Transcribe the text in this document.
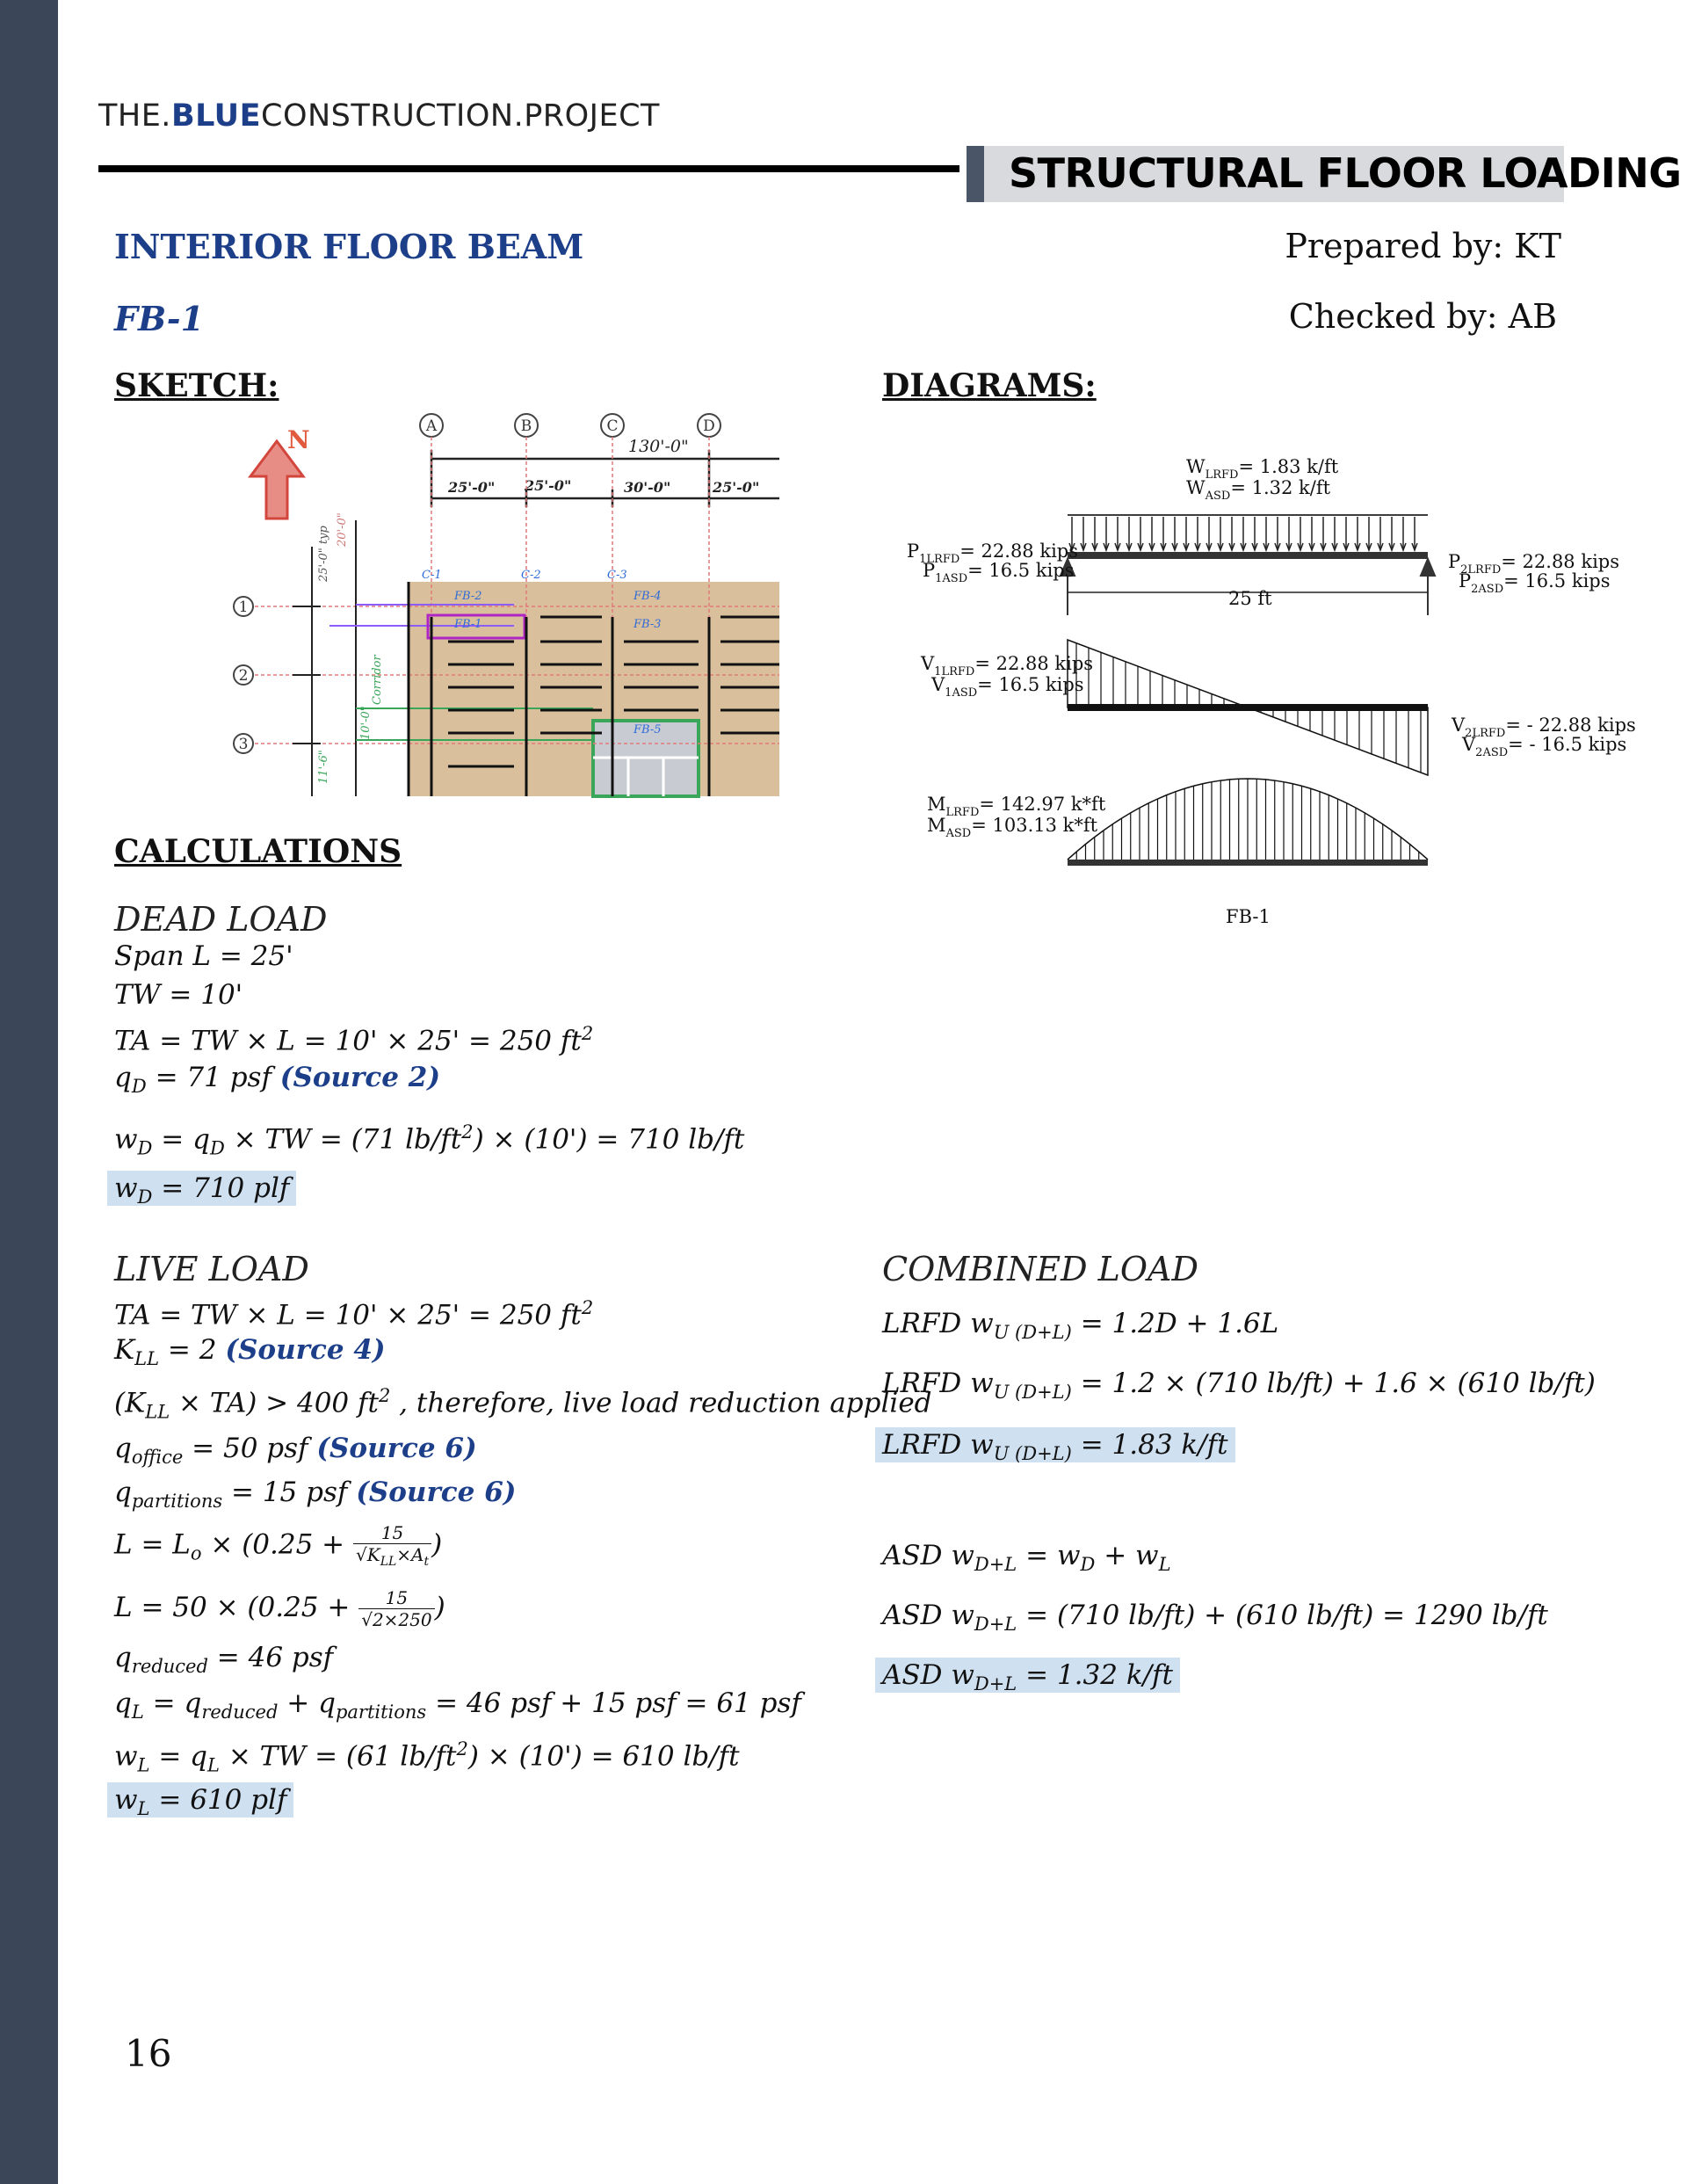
THE.BLUECONSTRUCTION.PROJECT
STRUCTURAL FLOOR LOADING
INTERIOR FLOOR BEAM
FB-1
Prepared by: KT
Checked by: AB
SKETCH:	DIAGRAMS:
N	A	B	C	D
1
2
3
130'-0"
25'-0" 25'-0"	30'-0"	25'-0"
25'-0" typ 20'-0"
10'-0"
11'-6"
Corridor
C-1	C-2	C-3
FB-1
FB-2	FB-4
FB-3
FB-5
$W_{LRFD}= 1.83$ k/ft
$W_{ASD}= 1.32$ k/ft
25 ft
$P_{1LRFD}= 22.88$ kips
$P_{1ASD}= 16.5$ kips	$P_{2LRFD}= 22.88$ kips
$P_{2ASD}= 16.5$ kips
$V_{1LRFD}= 22.88$ kips
$V_{1ASD}= 16.5$ kips
$V_{2LRFD}= - 22.88$ kips
$V_{2ASD}= - 16.5$ kips
$M_{LRFD}= 142.97$ k*ft
$M_{ASD}= 103.13$ k*ft
FB-1
CALCULATIONS
DEAD LOAD
Span L = 25'
TW = 10'
TA = TW × L = 10' × 25' = 250 $ft^2$
$q_D = 71$ psf (Source 2)
$w_D = q_D$ × TW = (71 $lb/ft^2) \times (10') = 710$ lb/ft
$w_D = 710$ plf
LIVE LOAD
TA = TW × L = 10' × 25' = 250 $ft^2$
$K_{LL} = 2$ (Source 4)
$(K_{LL} \times TA) > 400$ $ft^2$ , therefore, live load reduction applied
$q_{office} = 50$ psf (Source 6)
$q_{partitions} = 15$ psf (Source 6)
$L = L_o \times (0.25 + \frac{15}{√K_{LL}\times A_t}$ )
$L = 50 \times (0.25 + \frac{15}{√2\times 250}$ )
$q_{reduced} = 46$ psf
$q_L = q_{reduced} + q_{partitions} = 46$ psf + 15 psf = 61 psf
$w_L = q_L$ × TW = (61 $lb/ft^2) \times (10') = 610$ lb/ft
$w_L = 610$ plf
COMBINED LOAD
LRFD $w_{U (D+L)} = 1.2D + 1.6L$
LRFD $w_{U (D+L)} = 1.2 \times (710$ lb/ft) + 1.6 × (610 lb/ft)
LRFD $w_{U (D+L)} = 1.83$ k/ft
ASD $w_{D+L} = w_D + w_L$
ASD $w_{D+L} = (710$ lb/ft) + (610 lb/ft) = 1290 lb/ft
ASD $w_{D+L} = 1.32$ k/ft
16
